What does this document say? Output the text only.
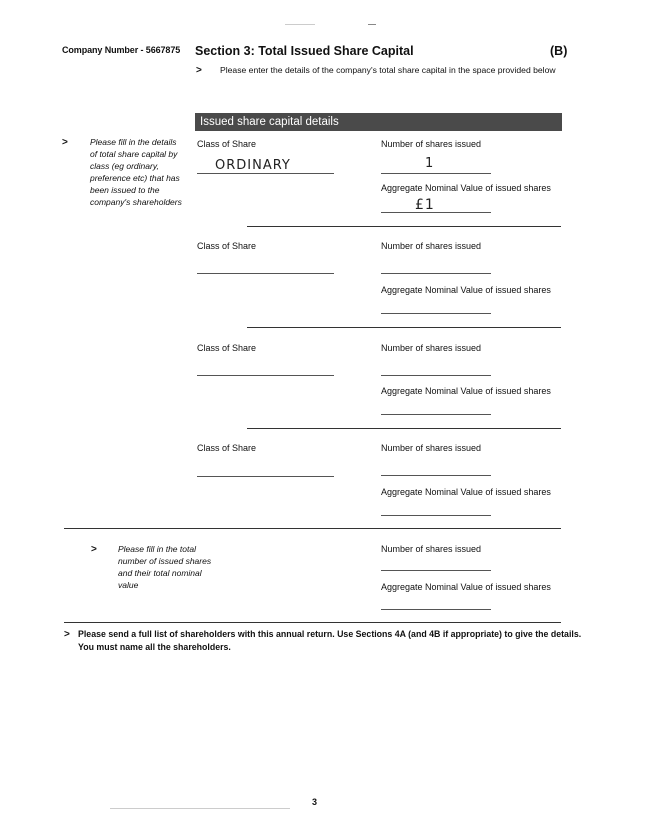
Company Number - 5667875 Section 3: Total Issued Share Capital	(B)
> Please enter the details of the company's total share capital in the space provided below
Issued share capital details
>	Please fill in the details of total share capital by class (eg ordinary, preference etc) that has been issued to the company's shareholders
Class of Share
ORDINARY
Number of shares issued
1
Aggregate Nominal Value of issued shares
£1
Class of Share	Number of shares issued
Aggregate Nominal Value of issued shares
Class of Share	Number of shares issued
Aggregate Nominal Value of issued shares
Class of Share	Number of shares issued
Aggregate Nominal Value of issued shares
> Please fill in the total number of issued shares and their total nominal value
Number of shares issued
Aggregate Nominal Value of issued shares
> Please send a full list of shareholders with this annual return. Use Sections 4A (and 4B if appropriate) to give the details. You must name all the shareholders.
3
